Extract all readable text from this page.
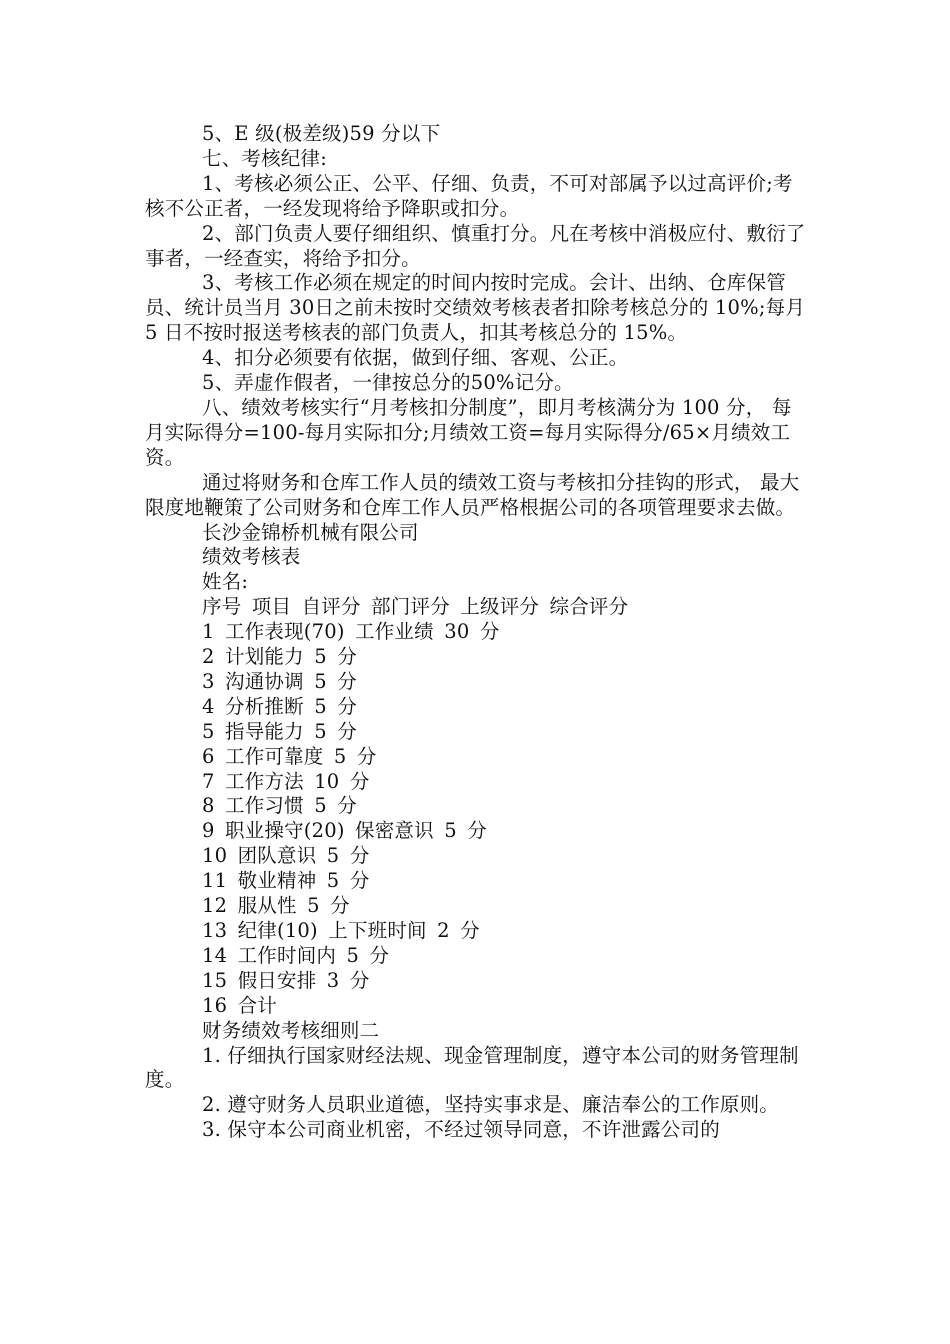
5、E 级(极差级)59 分以下

七、考核纪律:

1、考核必须公正、公平、仔细、负责，不可对部属予以过高评价;考核不公正者，一经发现将给予降职或扣分。

2、部门负责人要仔细组织、慎重打分。凡在考核中消极应付、敷衍了事者，一经查实，将给予扣分。

3、考核工作必须在规定的时间内按时完成。会计、出纳、仓库保管员、统计员当月 30日之前未按时交绩效考核表者扣除考核总分的 10%;每月 5 日不按时报送考核表的部门负责人，扣其考核总分的 15%。

4、扣分必须要有依据，做到仔细、客观、公正。

5、弄虚作假者，一律按总分的50%记分。

八、绩效考核实行“月考核扣分制度”，即月考核满分为 100 分， 每月实际得分=100-每月实际扣分;月绩效工资=每月实际得分/65×月绩效工资。

通过将财务和仓库工作人员的绩效工资与考核扣分挂钩的形式， 最大限度地鞭策了公司财务和仓库工作人员严格根据公司的各项管理要求去做。

长沙金锦桥机械有限公司

绩效考核表

姓名:

序号 项目 自评分 部门评分 上级评分 综合评分

1 工作表现(70) 工作业绩 30 分

2 计划能力 5 分

3 沟通协调 5 分

4 分析推断 5 分

5 指导能力 5 分

6 工作可靠度 5 分

7 工作方法 10 分

8 工作习惯 5 分

9 职业操守(20) 保密意识 5 分

10 团队意识 5 分

11 敬业精神 5 分

12 服从性 5 分

13 纪律(10) 上下班时间 2 分

14 工作时间内 5 分

15 假日安排 3 分

16 合计

财务绩效考核细则二

1. 仔细执行国家财经法规、现金管理制度，遵守本公司的财务管理制度。

2. 遵守财务人员职业道德，坚持实事求是、廉洁奉公的工作原则。

3. 保守本公司商业机密，不经过领导同意，不许泄露公司的
